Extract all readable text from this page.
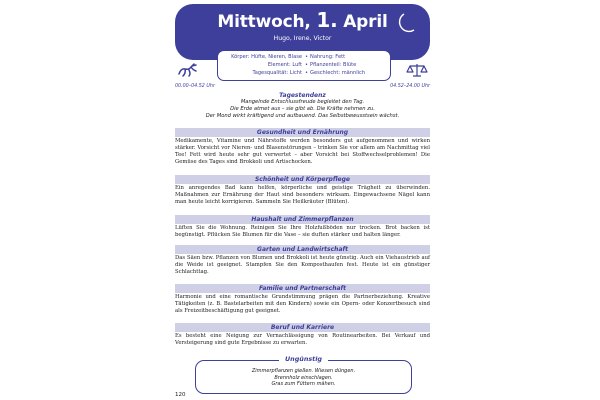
Mittwoch, 1. April
Hugo, Irene, Victor
Körper: Hüfte, Nieren, Blase	• Nahrung: Fett
Element: Luft	• Pflanzenteil: Blüte
Tagesqualität: Licht	• Geschlecht: männlich
00.00–04.52 Uhr	04.52–24.00 Uhr
Tagestendenz
Mangelnde Entschlussfreude begleitet den Tag.
Die Erde atmet aus – sie gibt ab. Die Kräfte nehmen zu.
Der Mond wirkt kräftigend und aufbauend. Das Selbstbewusstsein wächst.
Gesundheit und Ernährung
Medikamente, Vitamine und Nährstoffe werden besonders gut aufgenommen und wirken stärker. Vorsicht vor Nieren- und Blasenstörungen – trinken Sie vor allem am Nachmittag viel Tee! Fett wird heute sehr gut verwertet – aber Vorsicht bei Stoffwechselproblemen! Die Gemüse des Tages sind Brokkoli und Artischocken.
Schönheit und Körperpflege
Ein anregendes Bad kann helfen, körperliche und geistige Trägheit zu überwinden. Maßnahmen zur Ernährung der Haut sind besonders wirksam. Eingewachsene Nägel kann man heute leicht korrigieren. Sammeln Sie Heilkräuter (Blüten).
Haushalt und Zimmerpflanzen
Lüften Sie die Wohnung. Reinigen Sie Ihre Holzfußböden nur trocken. Brot backen ist begünstigt. Pflücken Sie Blumen für die Vase – sie duften stärker und halten länger.
Garten und Landwirtschaft
Das Säen bzw. Pflanzen von Blumen und Brokkoli ist heute günstig. Auch ein Viehaustrieb auf die Weide ist geeignet. Stampfen Sie den Komposthaufen fest. Heute ist ein günstiger Schlachttag.
Familie und Partnerschaft
Harmonie und eine romantische Grundstimmung prägen die Partnerbeziehung. Kreative Tätigkeiten (z. B. Bastelarbeiten mit den Kindern) sowie ein Opern- oder Konzertbesuch sind als Freizeitbeschäftigung gut geeignet.
Beruf und Karriere
Es besteht eine Neigung zur Vernachlässigung von Routinearbeiten. Bei Verkauf und Versteigerung sind gute Ergebnisse zu erwarten.
Ungünstig
Zimmerpflanzen gießen. Wiesen düngen.
Brennholz einschlagen.
Gras zum Füttern mähen.
120
